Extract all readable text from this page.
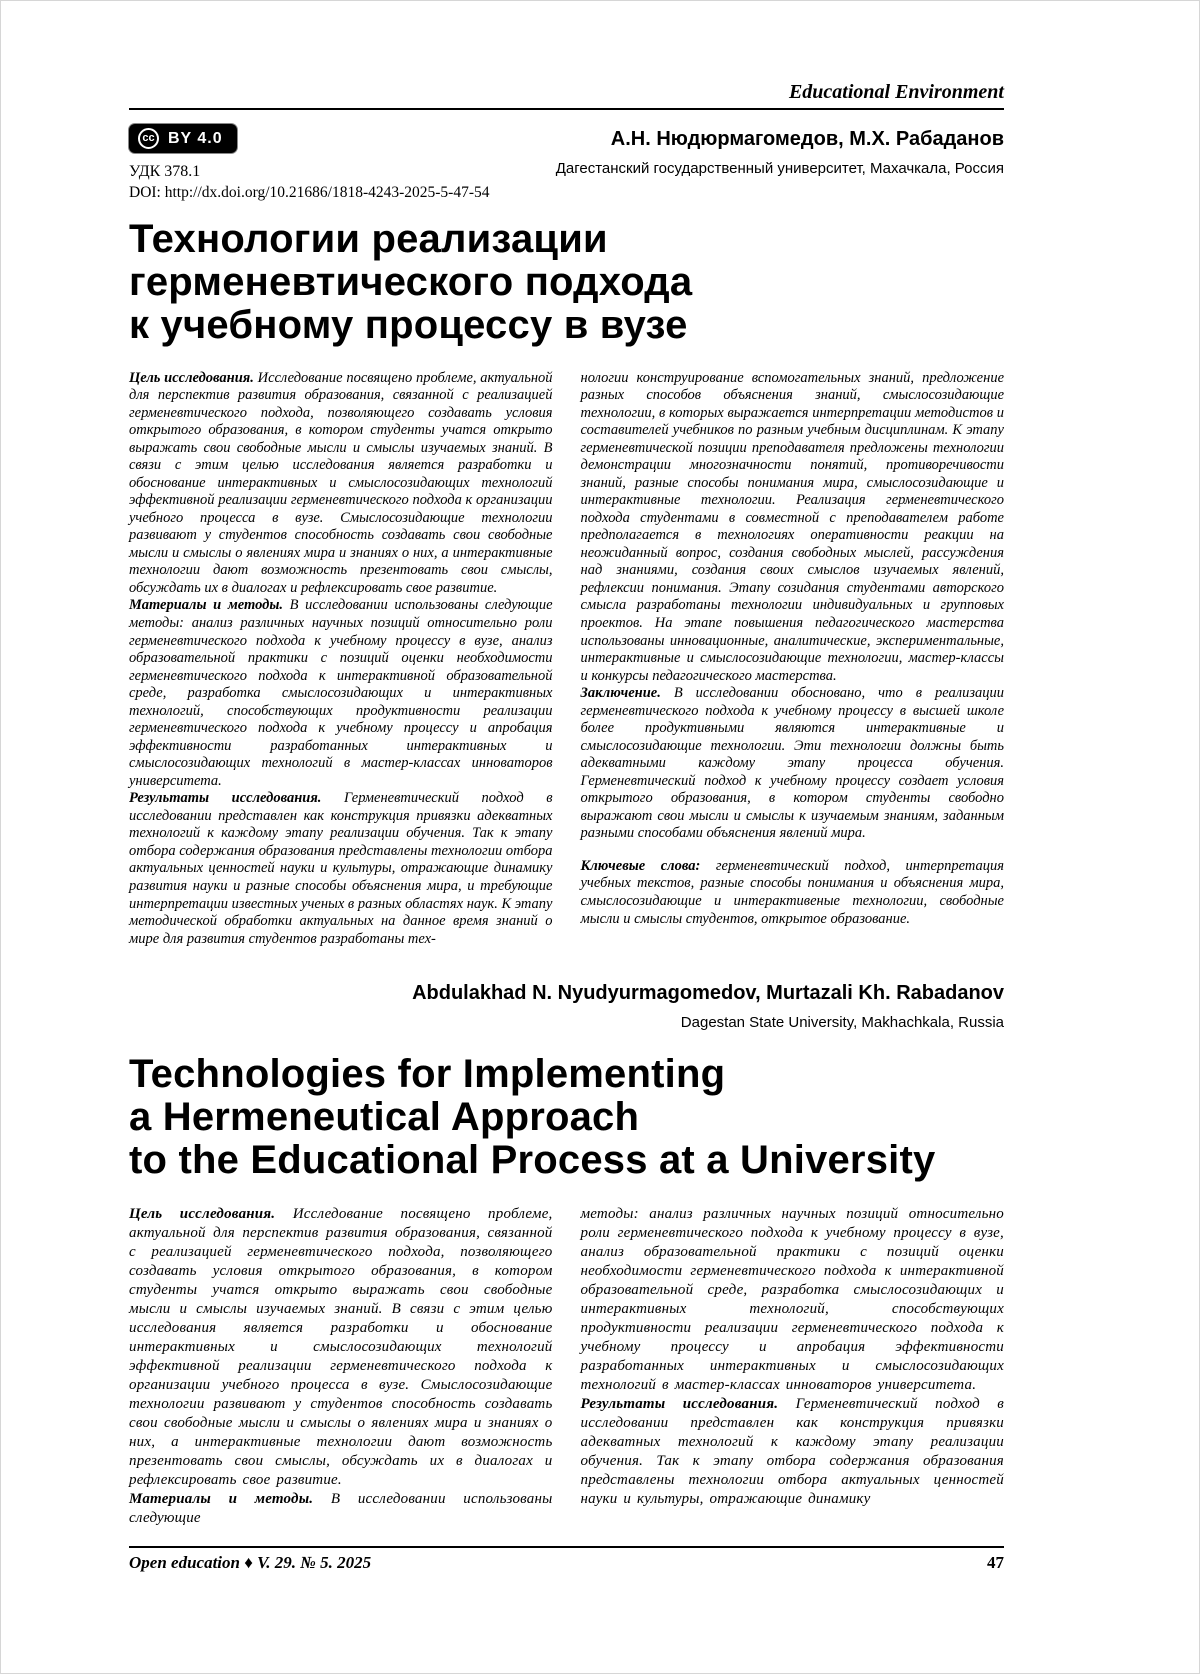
Educational Environment
cc BY 4.0
УДК 378.1
DOI: http://dx.doi.org/10.21686/1818-4243-2025-5-47-54
А.Н. Нюдюрмагомедов, М.Х. Рабаданов
Дагестанский государственный университет, Махачкала, Россия
Технологии реализации
герменевтического подхода
к учебному процессу в вузе

Цель исследования. Исследование посвящено проблеме, актуальной для перспектив развития образования, связанной с реализацией герменевтического подхода, позволяющего создавать условия открытого образования, в котором студенты учатся открыто выражать свои свободные мысли и смыслы изучаемых знаний. В связи с этим целью исследования является разработки и обоснование интерактивных и смыслосозидающих технологий эффективной реализации герменевтического подхода к организации учебного процесса в вузе. Смыслосозидающие технологии развивают у студентов способность создавать свои свободные мысли и смыслы о явлениях мира и знаниях о них, а интерактивные технологии дают возможность презентовать свои смыслы, обсуждать их в диалогах и рефлексировать свое развитие.

Материалы и методы. В исследовании использованы следующие методы: анализ различных научных позиций относительно роли герменевтического подхода к учебному процессу в вузе, анализ образовательной практики с позиций оценки необходимости герменевтического подхода к интерактивной образовательной среде, разработка смыслосозидающих и интерактивных технологий, способствующих продуктивности реализации герменевтического подхода к учебному процессу и апробация эффективности разработанных интерактивных и смыслосозидающих технологий в мастер-классах инноваторов университета.

Результаты исследования. Герменевтический подход в исследовании представлен как конструкция привязки адекватных технологий к каждому этапу реализации обучения. Так к этапу отбора содержания образования представлены технологии отбора актуальных ценностей науки и культуры, отражающие динамику развития науки и разные способы объяснения мира, и требующие интерпретации известных ученых в разных областях наук. К этапу методической обработки актуальных на данное время знаний о мире для развития студентов разработаны тех-

нологии конструирование вспомогательных знаний, предложение разных способов объяснения знаний, смыслосозидающие технологии, в которых выражается интерпретации методистов и составителей учебников по разным учебным дисциплинам. К этапу герменевтической позиции преподавателя предложены технологии демонстрации многозначности понятий, противоречивости знаний, разные способы понимания мира, смыслосозидающие и интерактивные технологии. Реализация герменевтического подхода студентами в совместной с преподавателем работе предполагается в технологиях оперативности реакции на неожиданный вопрос, создания свободных мыслей, рассуждения над знаниями, создания своих смыслов изучаемых явлений, рефлексии понимания. Этапу созидания студентами авторского смысла разработаны технологии индивидуальных и групповых проектов. На этапе повышения педагогического мастерства использованы инновационные, аналитические, экспериментальные, интерактивные и смыслосозидающие технологии, мастер-классы и конкурсы педагогического мастерства.

Заключение. В исследовании обосновано, что в реализации герменевтического подхода к учебному процессу в высшей школе более продуктивными являются интерактивные и смыслосозидающие технологии. Эти технологии должны быть адекватными каждому этапу процесса обучения. Герменевтический подход к учебному процессу создает условия открытого образования, в котором студенты свободно выражают свои мысли и смыслы к изучаемым знаниям, заданным разными способами объяснения явлений мира.

Ключевые слова: герменевтический подход, интерпретация учебных текстов, разные способы понимания и объяснения мира, смыслосозидающие и интерактивеные технологии, свободные мысли и смыслы студентов, открытое образование.

Abdulakhad N. Nyudyurmagomedov, Murtazali Kh. Rabadanov
Dagestan State University, Makhachkala, Russia
Technologies for Implementing
a Hermeneutical Approach
to the Educational Process at a University

Цель исследования. Исследование посвящено проблеме, актуальной для перспектив развития образования, связанной с реализацией герменевтического подхода, позволяющего создавать условия открытого образования, в котором студенты учатся открыто выражать свои свободные мысли и смыслы изучаемых знаний. В связи с этим целью исследования является разработки и обоснование интерактивных и смыслосозидающих технологий эффективной реализации герменевтического подхода к организации учебного процесса в вузе. Смыслосозидающие технологии развивают у студентов способность создавать свои свободные мысли и смыслы о явлениях мира и знаниях о них, а интерактивные технологии дают возможность презентовать свои смыслы, обсуждать их в диалогах и рефлексировать свое развитие.

Материалы и методы. В исследовании использованы следующие

методы: анализ различных научных позиций относительно роли герменевтического подхода к учебному процессу в вузе, анализ образовательной практики с позиций оценки необходимости герменевтического подхода к интерактивной образовательной среде, разработка смыслосозидающих и интерактивных технологий, способствующих продуктивности реализации герменевтического подхода к учебному процессу и апробация эффективности разработанных интерактивных и смыслосозидающих технологий в мастер-классах инноваторов университета.

Результаты исследования. Герменевтический подход в исследовании представлен как конструкция привязки адекватных технологий к каждому этапу реализации обучения. Так к этапу отбора содержания образования представлены технологии отбора актуальных ценностей науки и культуры, отражающие динамику

Open education ♦ V. 29. № 5. 2025	47
